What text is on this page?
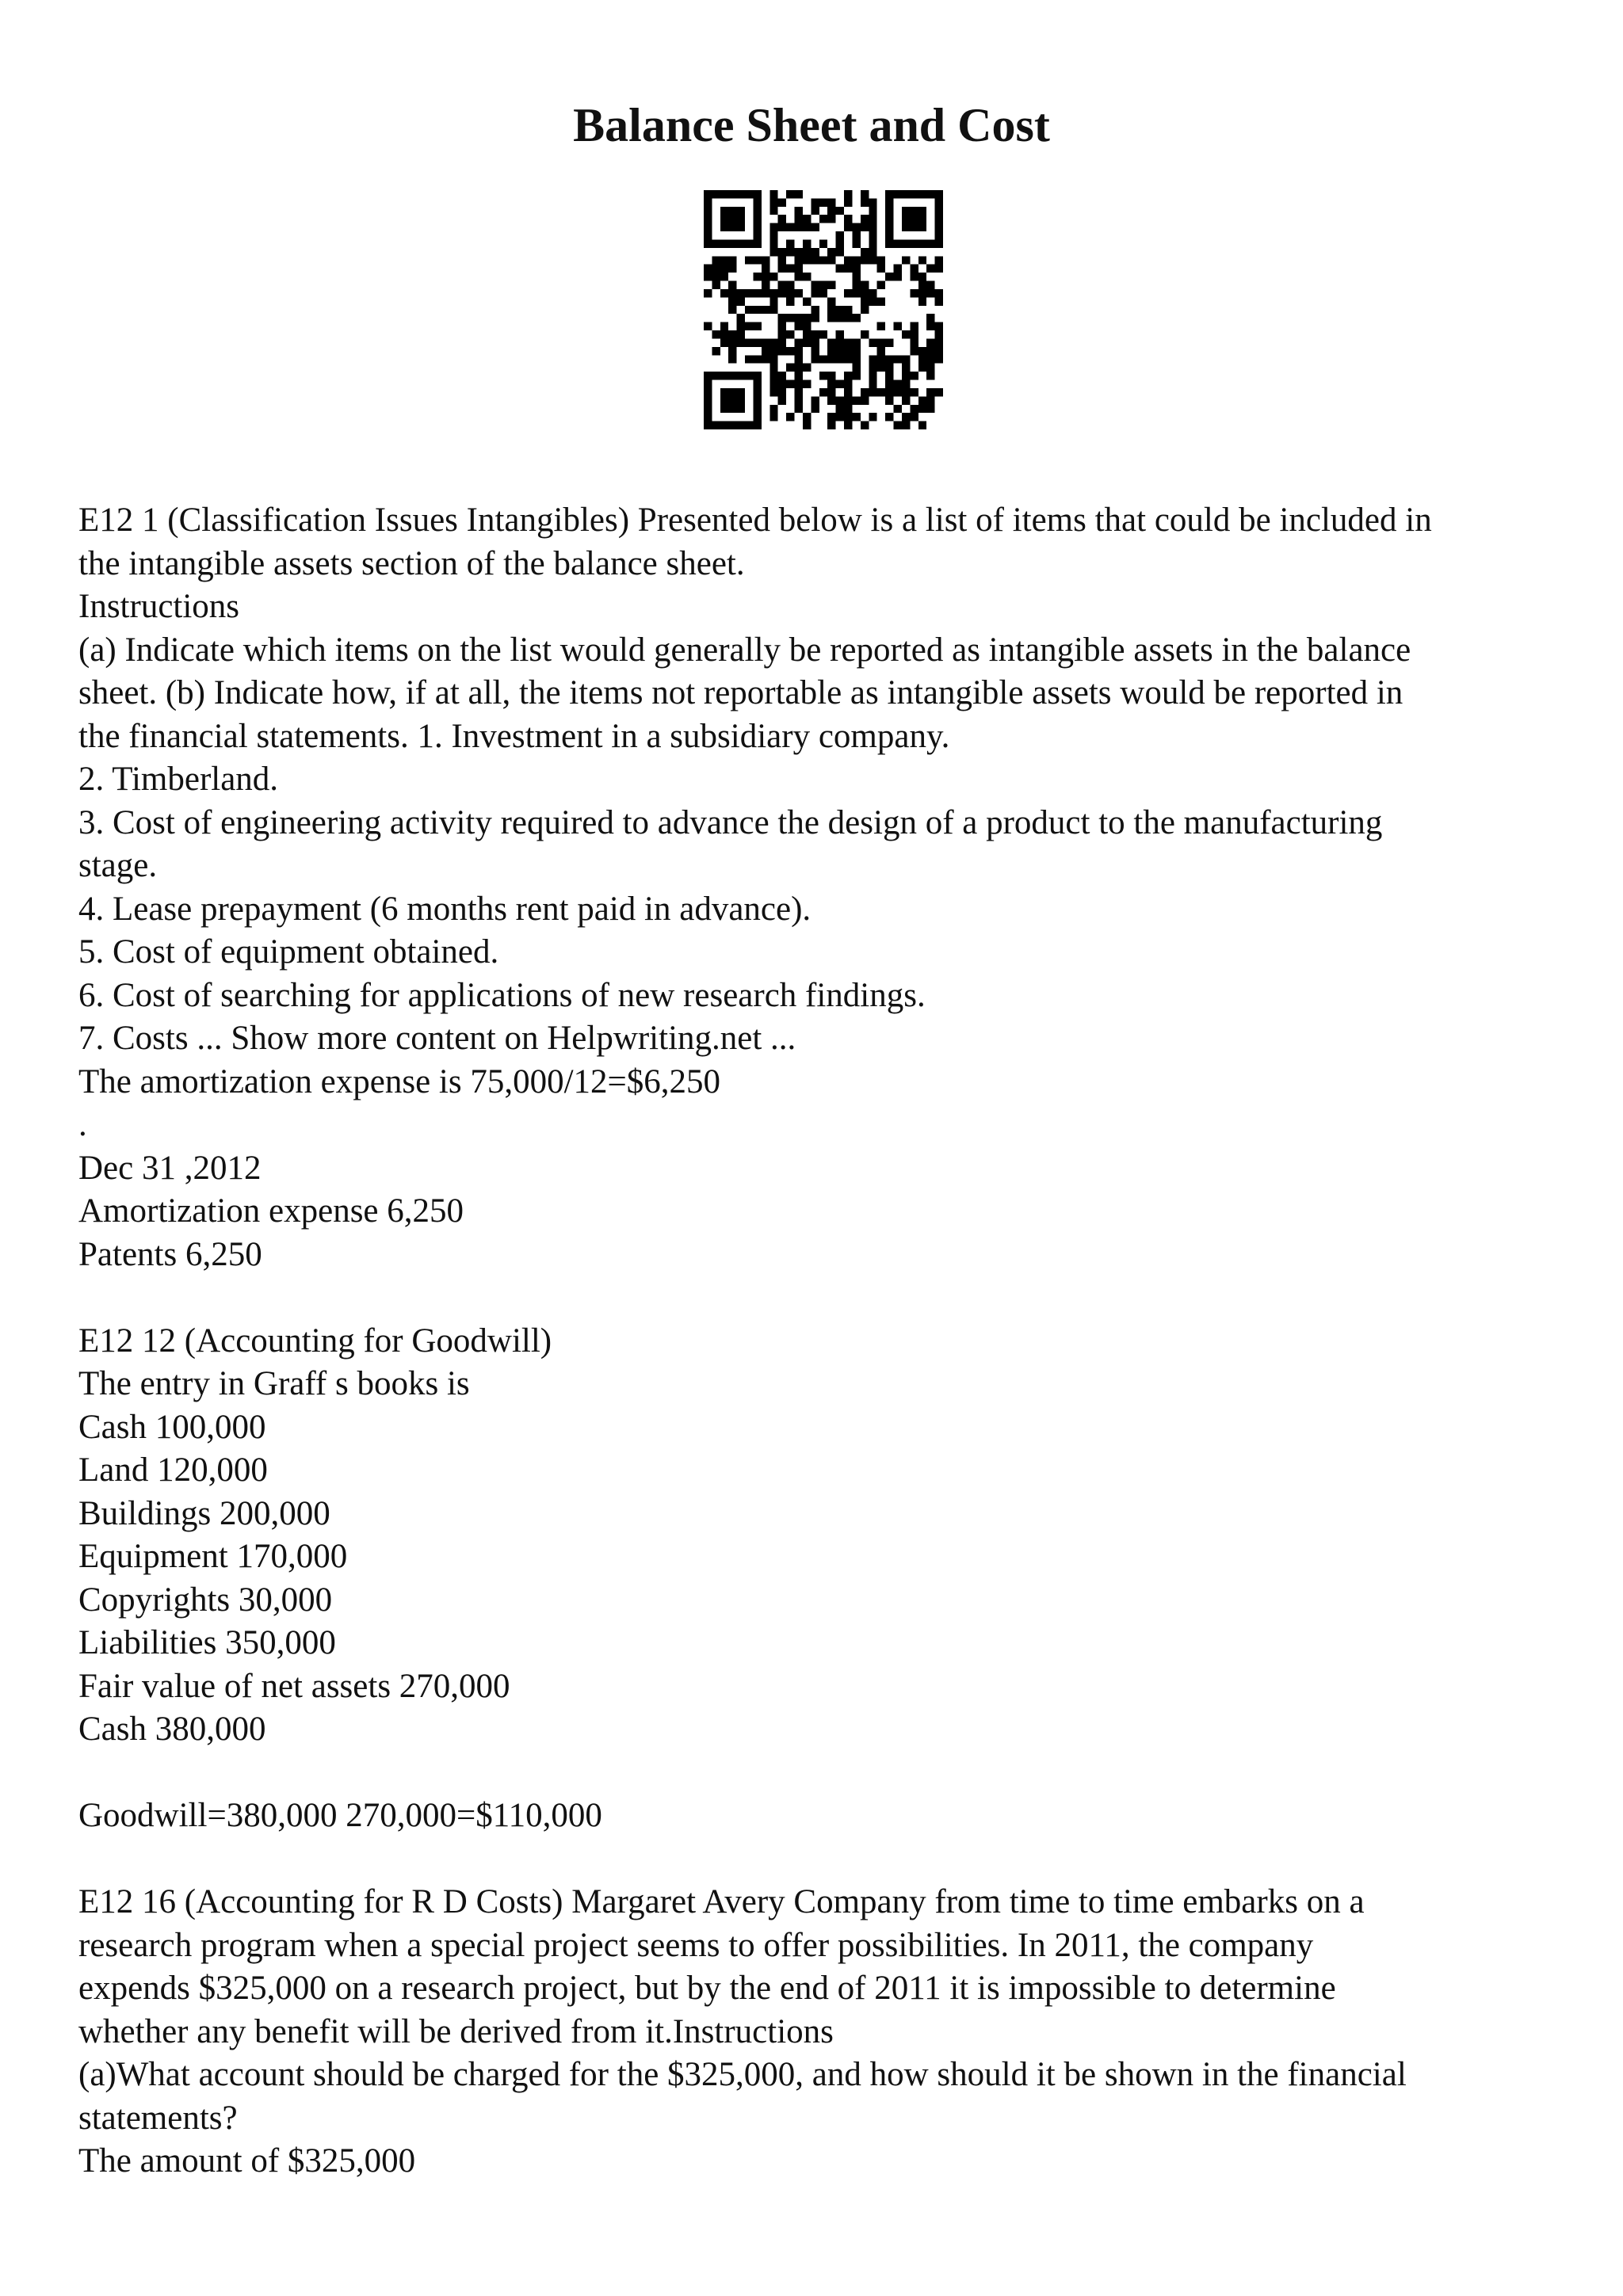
Balance Sheet and Cost
E12 1 (Classification Issues Intangibles) Presented below is a list of items that could be included in
the intangible assets section of the balance sheet.
Instructions
(a) Indicate which items on the list would generally be reported as intangible assets in the balance
sheet. (b) Indicate how, if at all, the items not reportable as intangible assets would be reported in
the financial statements. 1. Investment in a subsidiary company.
2. Timberland.
3. Cost of engineering activity required to advance the design of a product to the manufacturing
stage.
4. Lease prepayment (6 months rent paid in advance).
5. Cost of equipment obtained.
6. Cost of searching for applications of new research findings.
7. Costs ... Show more content on Helpwriting.net ...
The amortization expense is 75,000/12=$6,250
.
Dec 31 ,2012
Amortization expense 6,250
Patents 6,250
E12 12 (Accounting for Goodwill)
The entry in Graff s books is
Cash 100,000
Land 120,000
Buildings 200,000
Equipment 170,000
Copyrights 30,000
Liabilities 350,000
Fair value of net assets 270,000
Cash 380,000
Goodwill=380,000 270,000=$110,000
E12 16 (Accounting for R D Costs) Margaret Avery Company from time to time embarks on a
research program when a special project seems to offer possibilities. In 2011, the company
expends $325,000 on a research project, but by the end of 2011 it is impossible to determine
whether any benefit will be derived from it.Instructions
(a)What account should be charged for the $325,000, and how should it be shown in the financial
statements?
The amount of $325,000
